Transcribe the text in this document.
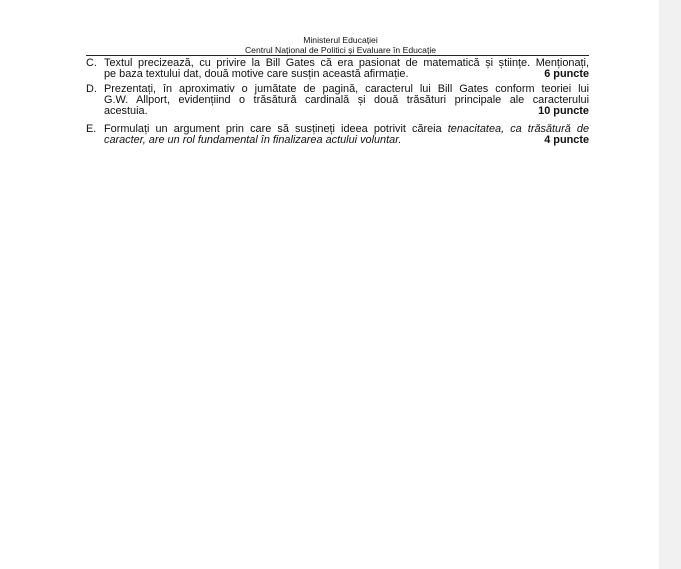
Ministerul Educației
Centrul Național de Politici și Evaluare în Educație
C. Textul precizează, cu privire la Bill Gates că era pasionat de matematică și științe. Menționați,
pe baza textului dat, două motive care susțin această afirmație.	6 puncte
D. Prezentați, în aproximativ o jumătate de pagină, caracterul lui Bill Gates conform teoriei lui
G.W. Allport, evidențiind o trăsătură cardinală și două trăsături principale ale caracterului
acestuia.	10 puncte
E. Formulați un argument prin care să susțineți ideea potrivit căreia tenacitatea, ca trăsătură de
caracter, are un rol fundamental în finalizarea actului voluntar.	4 puncte
